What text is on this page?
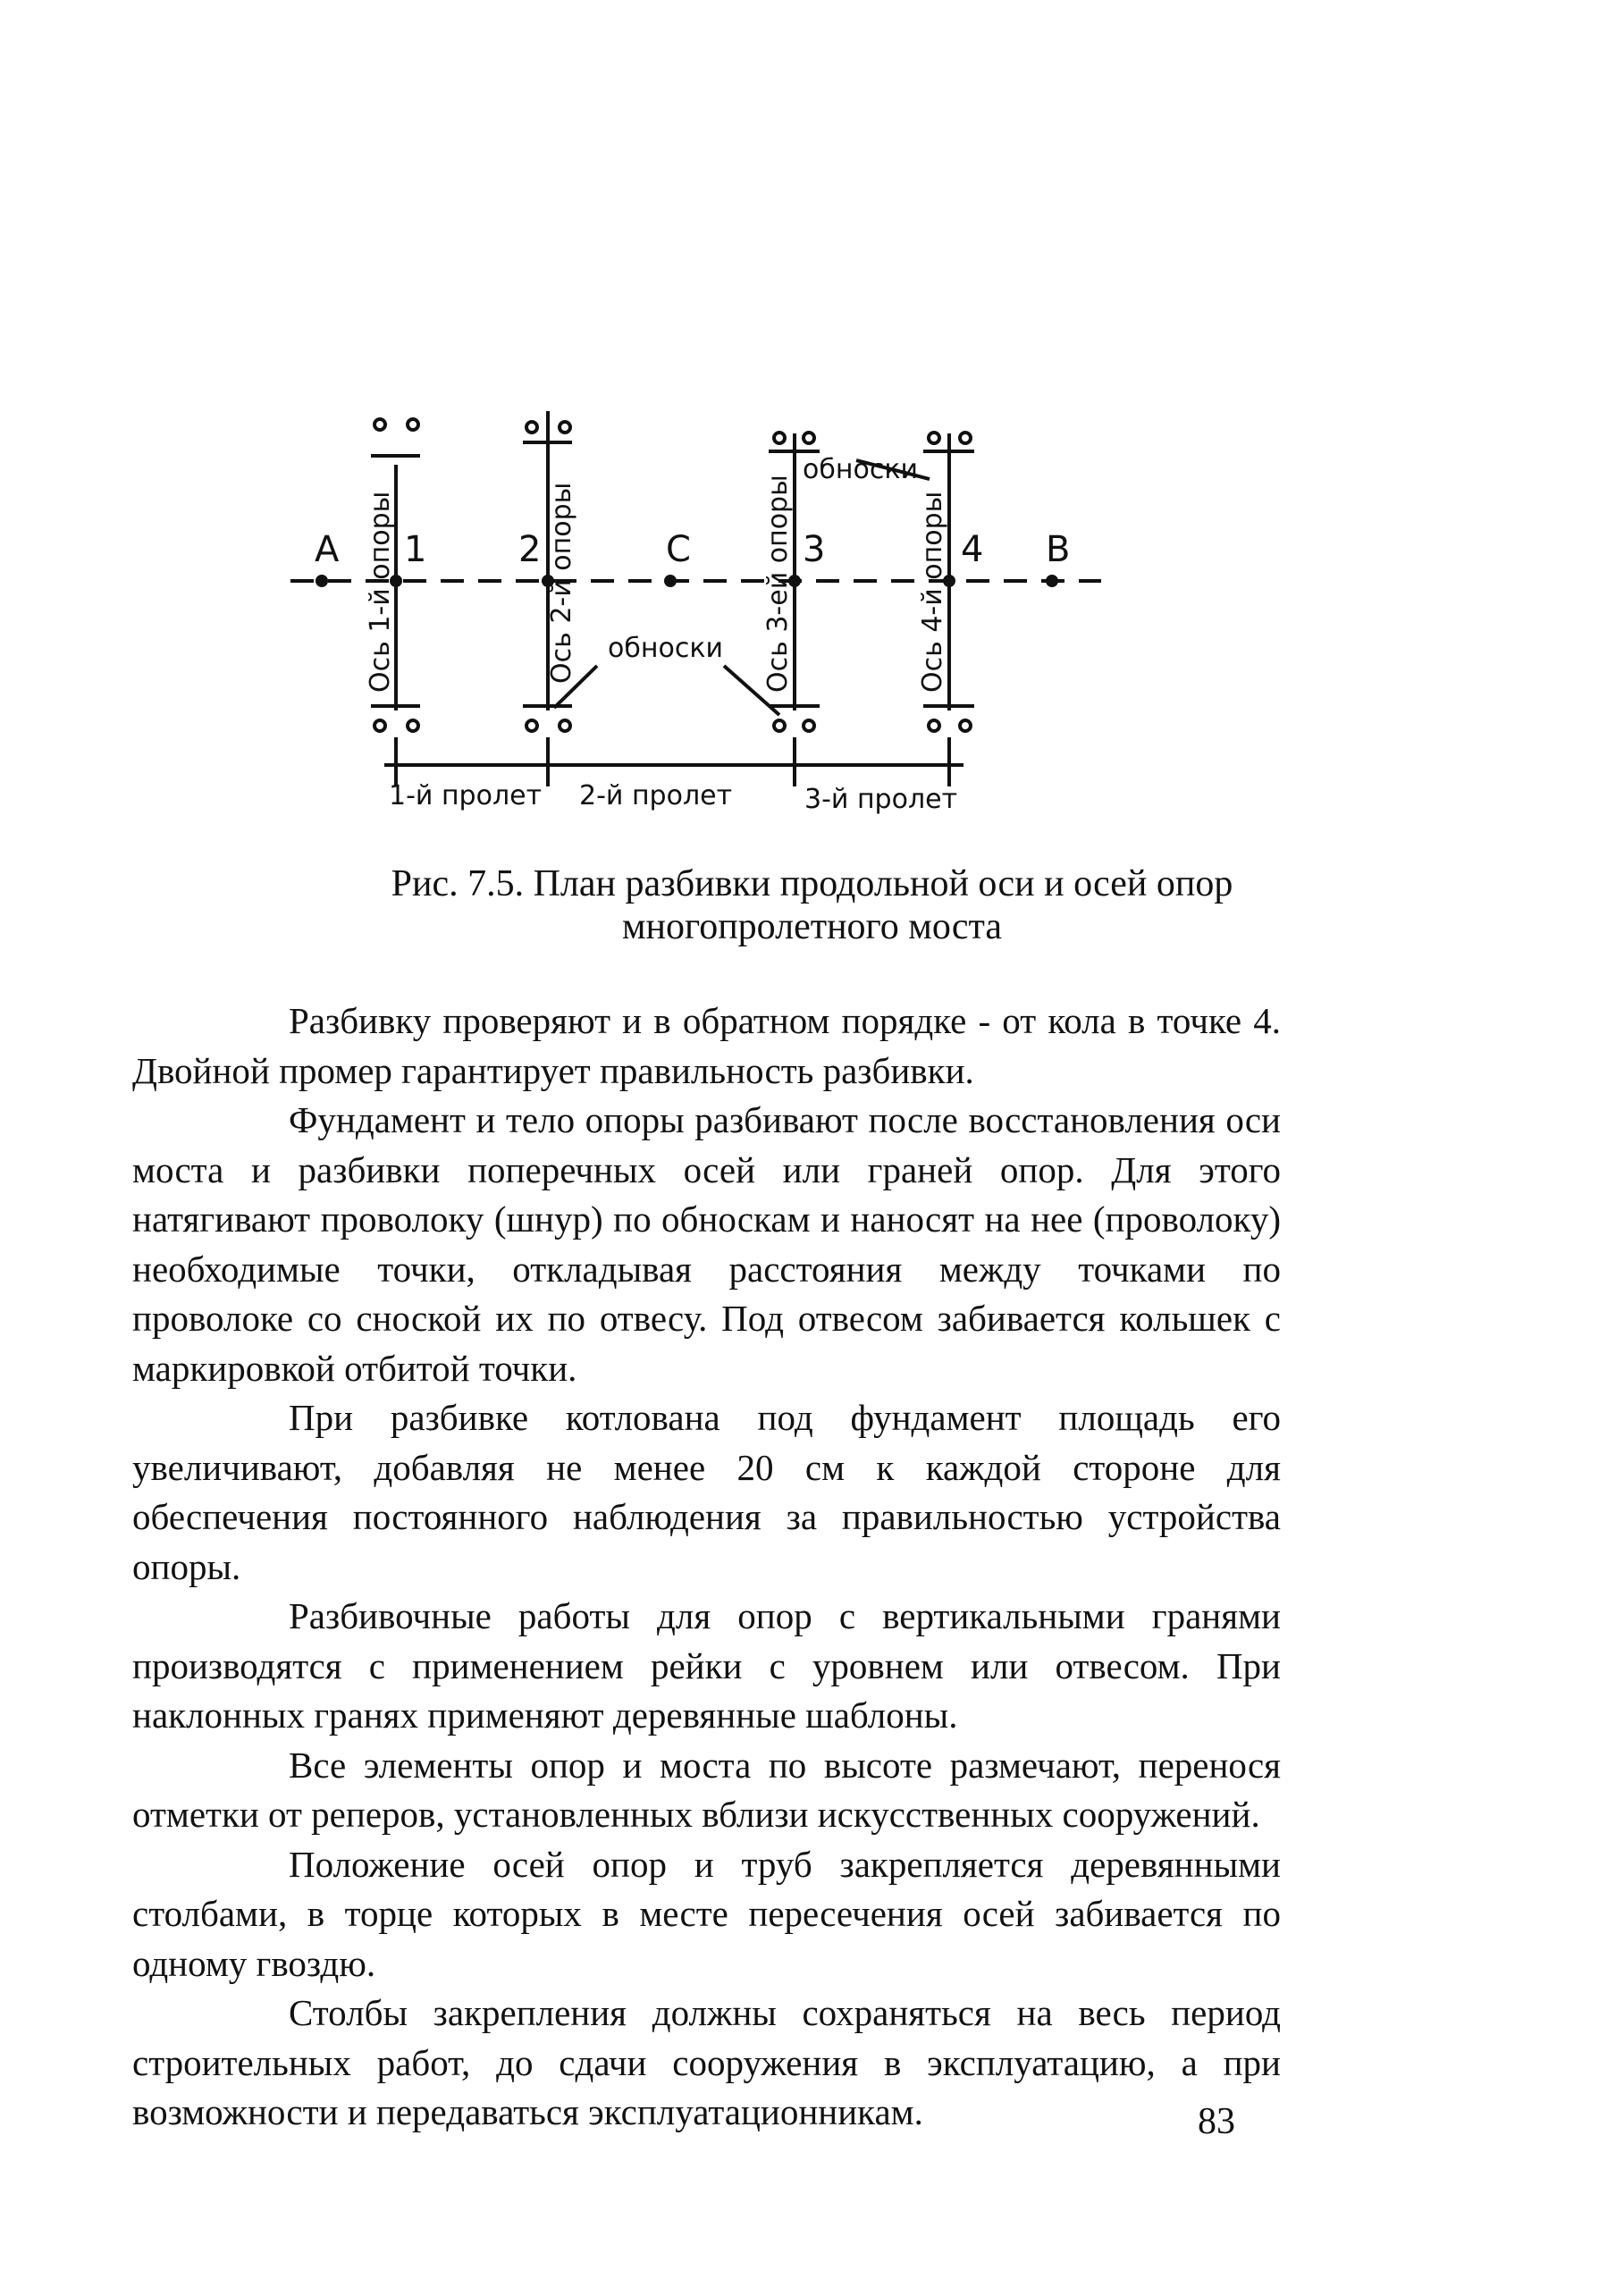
A 1	2	C	3	4 B
Ось 1-й опоры	Ось 2-й опоры	Ось 3-ей опоры	Ось 4-й опоры
обноски
обноски
1-й пролет 2-й пролет	3-й пролет
Рис. 7.5. План разбивки продольной оси и осей опор
многопролетного моста

Разбивку проверяют и в обратном порядке - от кола в точке 4. Двойной промер гарантирует правильность разбивки.

Фундамент и тело опоры разбивают после восстановления оси моста и разбивки поперечных осей или граней опор. Для этого натягивают проволоку (шнур) по обноскам и наносят на нее (проволоку) необходимые точки, откладывая расстояния между точками по проволоке со сноской их по отвесу. Под отвесом забивается кольшек с маркировкой отбитой точки.

При разбивке котлована под фундамент площадь его увеличивают, добавляя не менее 20 см к каждой стороне для обеспечения постоянного наблюдения за правильностью устройства опоры.

Разбивочные работы для опор с вертикальными гранями производятся с применением рейки с уровнем или отвесом. При наклонных гранях применяют деревянные шаблоны.

Все элементы опор и моста по высоте размечают, перенося отметки от реперов, установленных вблизи искусственных сооружений.

Положение осей опор и труб закрепляется деревянными столбами, в торце которых в месте пересечения осей забивается по одному гвоздю.

Столбы закрепления должны сохраняться на весь период строительных работ, до сдачи сооружения в эксплуатацию, а при возможности и передаваться эксплуатационникам.	83
